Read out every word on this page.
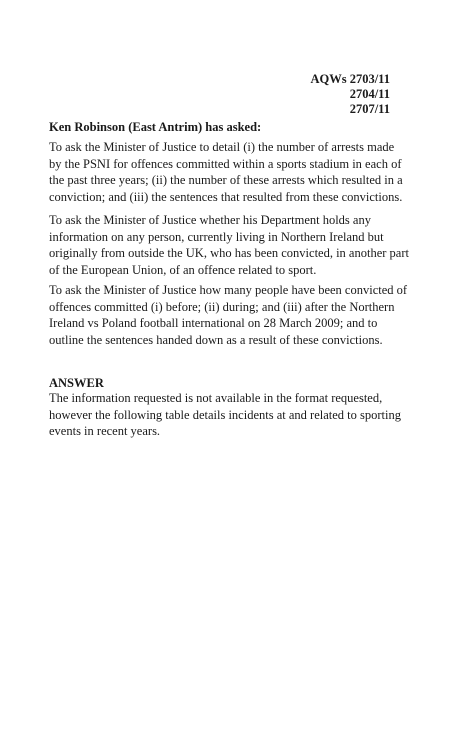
AQWs 2703/11
2704/11
2707/11
Ken Robinson (East Antrim) has asked:

To ask the Minister of Justice to detail (i) the number of arrests made by the PSNI for offences committed within a sports stadium in each of the past three years; (ii) the number of these arrests which resulted in a conviction; and (iii) the sentences that resulted from these convictions.

To ask the Minister of Justice whether his Department holds any information on any person, currently living in Northern Ireland but originally from outside the UK, who has been convicted, in another part of the European Union, of an offence related to sport.

To ask the Minister of Justice how many people have been convicted of offences committed (i) before; (ii) during; and (iii) after the Northern Ireland vs Poland football international on 28 March 2009; and to outline the sentences handed down as a result of these convictions.

ANSWER

The information requested is not available in the format requested, however the following table details incidents at and related to sporting events in recent years.
